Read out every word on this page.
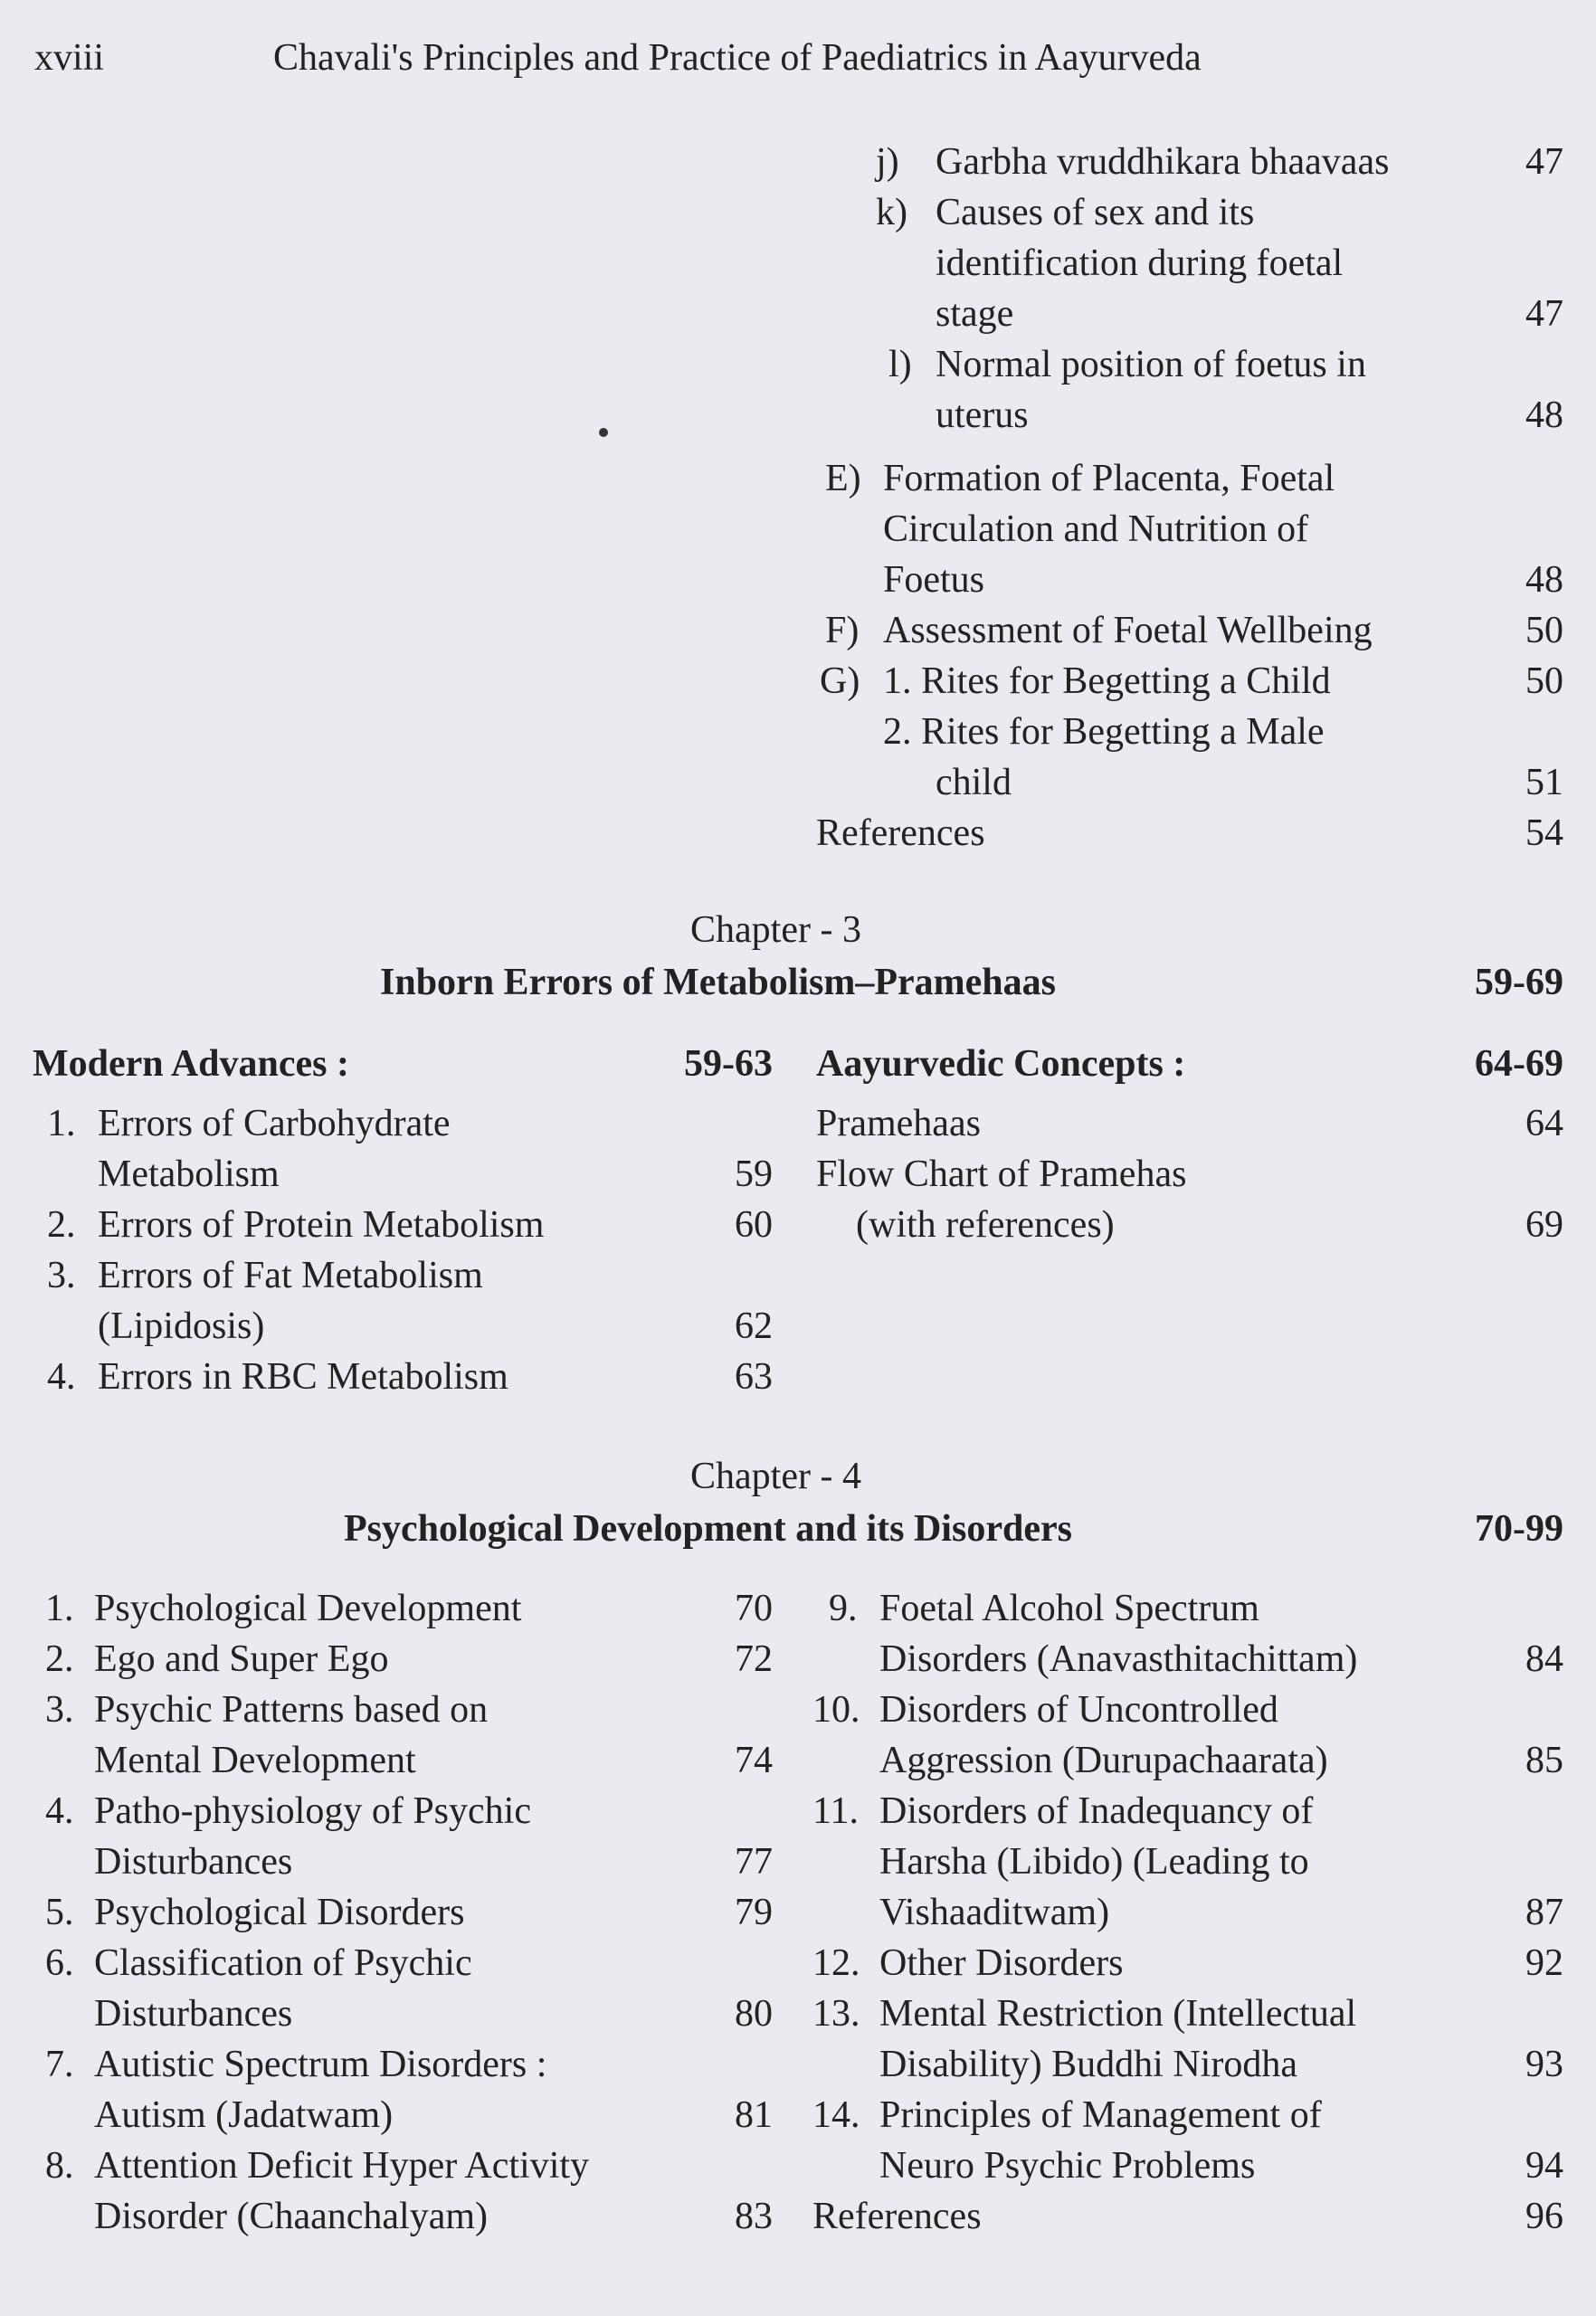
xviii	Chavali's Principles and Practice of Paediatrics in Aayurveda
j) Garbha vruddhikara bhaavaas	47
k) Causes of sex and its
identification during foetal
stage	47
l) Normal position of foetus in
uterus	48
E) Formation of Placenta, Foetal
Circulation and Nutrition of
Foetus	48
F) Assessment of Foetal Wellbeing	50
G) 1. Rites for Begetting a Child	50
2. Rites for Begetting a Male
child	51
References	54
Chapter - 3
Inborn Errors of Metabolism–Pramehaas	59-69
Modern Advances :	59-63 Aayurvedic Concepts :	64-69
1. Errors of Carbohydrate
Metabolism	59
2. Errors of Protein Metabolism	60
3. Errors of Fat Metabolism
(Lipidosis)	62
4. Errors in RBC Metabolism	63
Pramehaas	64
Flow Chart of Pramehas
(with references)	69
Chapter - 4
Psychological Development and its Disorders	70-99
1. Psychological Development	70
2. Ego and Super Ego	72
3. Psychic Patterns based on
Mental Development	74
4. Patho-physiology of Psychic
Disturbances	77
5. Psychological Disorders	79
6. Classification of Psychic
Disturbances	80
7. Autistic Spectrum Disorders :
Autism (Jadatwam)	81
8. Attention Deficit Hyper Activity
Disorder (Chaanchalyam)	83
9. Foetal Alcohol Spectrum
Disorders (Anavasthitachittam)	84
10. Disorders of Uncontrolled
Aggression (Durupachaarata)	85
11. Disorders of Inadequancy of
Harsha (Libido) (Leading to
Vishaaditwam)	87
12. Other Disorders	92
13. Mental Restriction (Intellectual
Disability) Buddhi Nirodha	93
14. Principles of Management of
Neuro Psychic Problems	94
References	96
